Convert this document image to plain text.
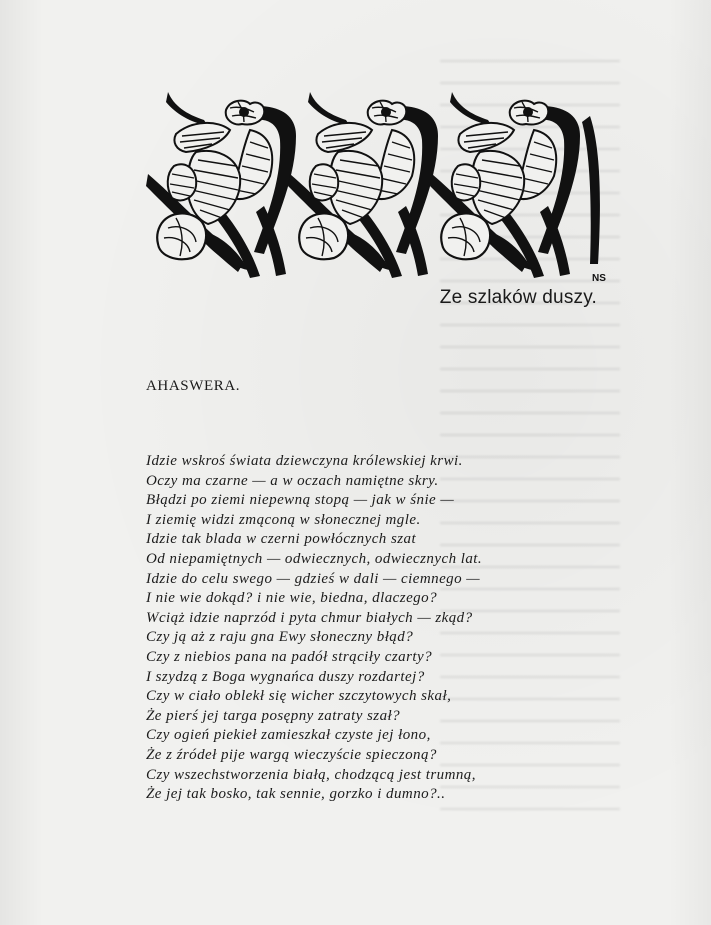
NS
Ze szlaków duszy.
AHASWERA.
Idzie wskroś świata dziewczyna królewskiej krwi.
Oczy ma czarne — a w oczach namiętne skry.
Błądzi po ziemi niepewną stopą — jak w śnie —
I ziemię widzi zmąconą w słonecznej mgle.
Idzie tak blada w czerni powłócznych szat
Od niepamiętnych — odwiecznych, odwiecznych lat.
Idzie do celu swego — gdzieś w dali — ciemnego —
I nie wie dokąd? i nie wie, biedna, dlaczego?
Wciąż idzie naprzód i pyta chmur białych — zkąd?
Czy ją aż z raju gna Ewy słoneczny błąd?
Czy z niebios pana na padół strąciły czarty?
I szydzą z Boga wygnańca duszy rozdartej?
Czy w ciało oblekł się wicher szczytowych skał,
Że pierś jej targa posępny zatraty szał?
Czy ogień piekieł zamieszkał czyste jej łono,
Że z źródeł pije wargą wieczyście spieczoną?
Czy wszechstworzenia białą, chodzącą jest trumną,
Że jej tak bosko, tak sennie, gorzko i dumno?..
